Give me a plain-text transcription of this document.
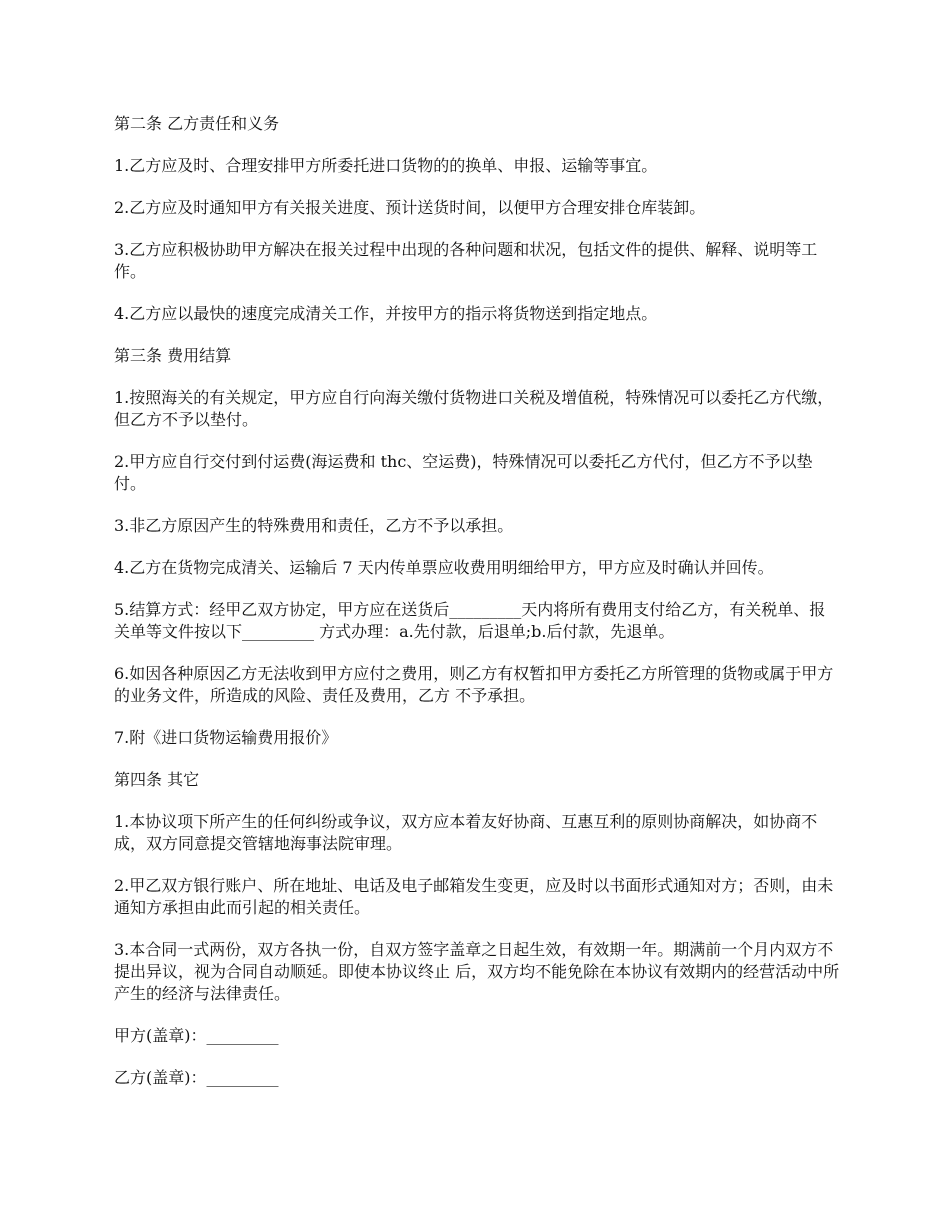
第二条 乙方责任和义务

1.乙方应及时、合理安排甲方所委托进口货物的的换单、申报、运输等事宜。

2.乙方应及时通知甲方有关报关进度、预计送货时间，以便甲方合理安排仓库装卸。

3.乙方应积极协助甲方解决在报关过程中出现的各种问题和状况，包括文件的提供、解释、说明等工作。

4.乙方应以最快的速度完成清关工作，并按甲方的指示将货物送到指定地点。

第三条 费用结算

1.按照海关的有关规定，甲方应自行向海关缴付货物进口关税及增值税，特殊情况可以委托乙方代缴，但乙方不予以垫付。

2.甲方应自行交付到付运费(海运费和 thc、空运费)，特殊情况可以委托乙方代付，但乙方不予以垫付。

3.非乙方原因产生的特殊费用和责任，乙方不予以承担。

4.乙方在货物完成清关、运输后 7 天内传单票应收费用明细给甲方，甲方应及时确认并回传。

5.结算方式：经甲乙双方协定，甲方应在送货后_________天内将所有费用支付给乙方，有关税单、报关单等文件按以下_________ 方式办理：a.先付款，后退单;b.后付款，先退单。

6.如因各种原因乙方无法收到甲方应付之费用，则乙方有权暂扣甲方委托乙方所管理的货物或属于甲方的业务文件，所造成的风险、责任及费用，乙方 不予承担。

7.附《进口货物运输费用报价》

第四条 其它

1.本协议项下所产生的任何纠纷或争议，双方应本着友好协商、互惠互利的原则协商解决，如协商不成，双方同意提交管辖地海事法院审理。

2.甲乙双方银行账户、所在地址、电话及电子邮箱发生变更，应及时以书面形式通知对方；否则，由未通知方承担由此而引起的相关责任。

3.本合同一式两份，双方各执一份，自双方签字盖章之日起生效，有效期一年。期满前一个月内双方不提出异议，视为合同自动顺延。即使本协议终止 后，双方均不能免除在本协议有效期内的经营活动中所产生的经济与法律责任。

甲方(盖章)：_________

乙方(盖章)：_________
